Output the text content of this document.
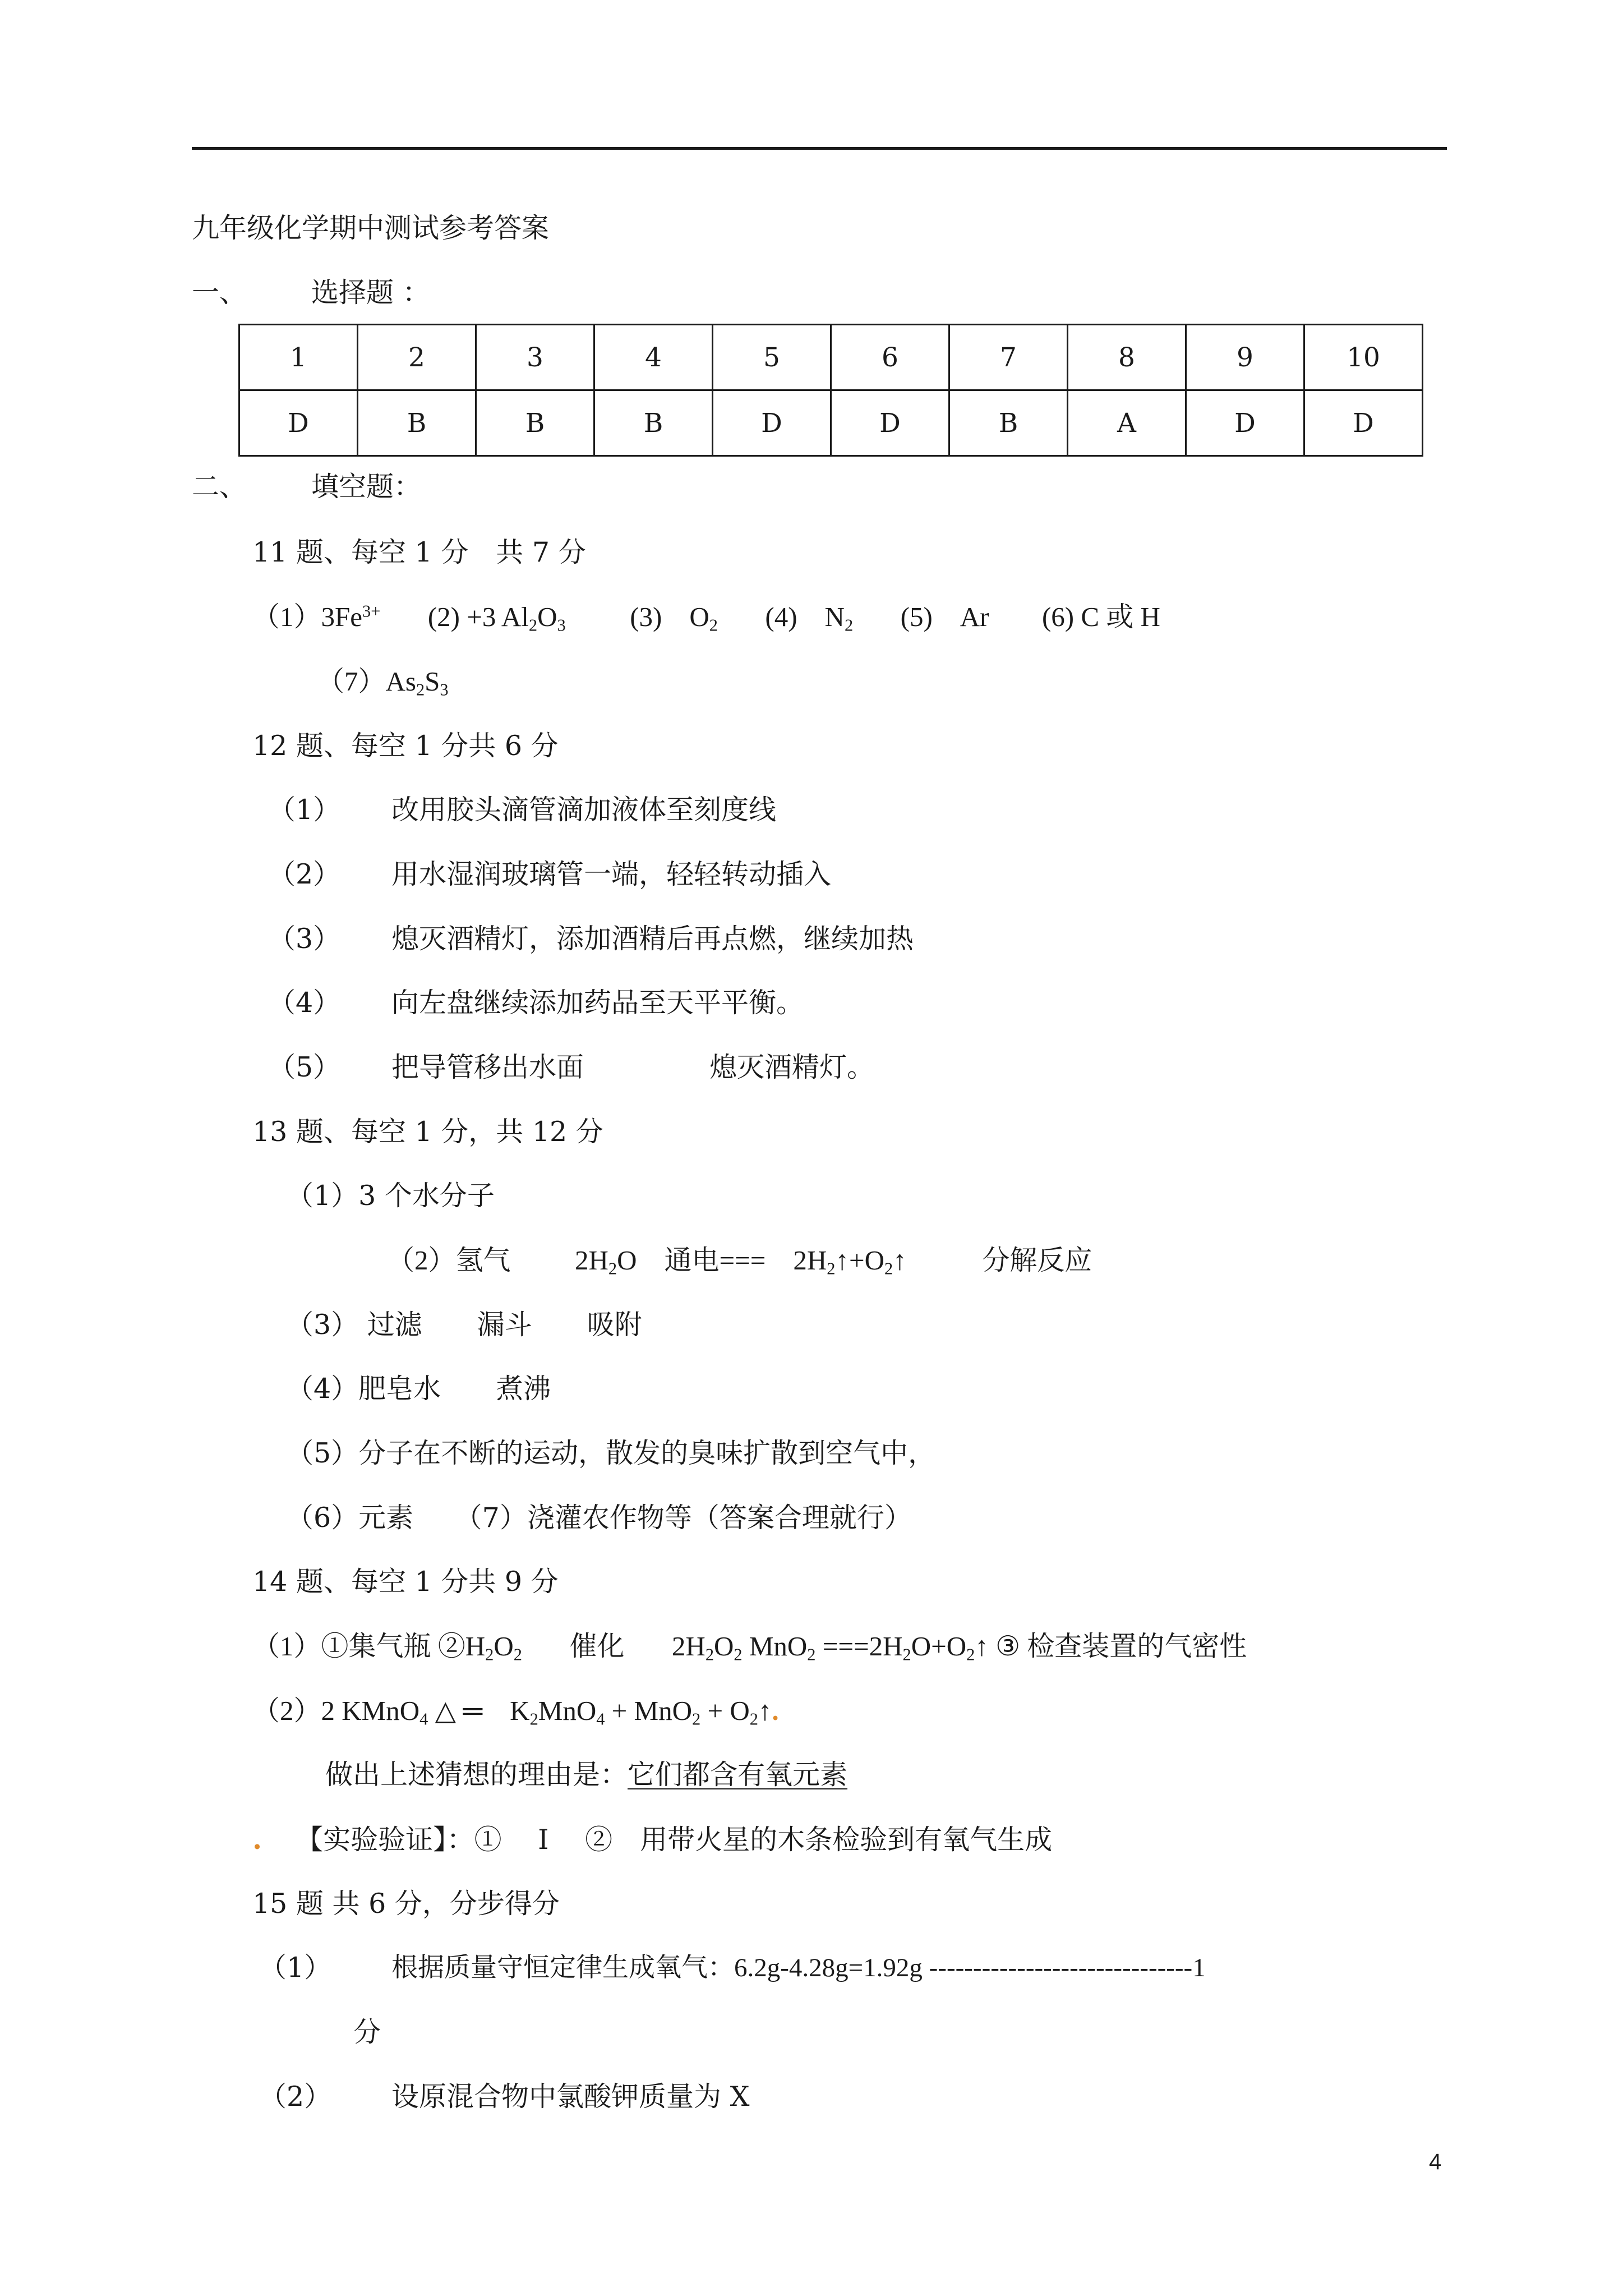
九年级化学期中测试参考答案
一、 选择题 ：
1	2	3	4	5	6	7	8	9	10
D	B	B	B	D	D	B	A	D	D
二、 填空题：
11 题、每空 1 分　共 7 分
$(1)3Fe^{3+}$ (2) +3 $Al_2O_3$ (3)　$O_2$ (4)　$N_2$ (5)　Ar (6) C 或 H
$(7)As_2S_3$
12 题、每空 1 分共 6 分
（1） 改用胶头滴管滴加液体至刻度线
（2） 用水湿润玻璃管一端，轻轻转动插入
（3） 熄灭酒精灯，添加酒精后再点燃，继续加热
（4） 向左盘继续添加药品至天平平衡。
（5） 把导管移出水面	熄灭酒精灯。
13 题、每空 1 分，共 12 分
（1）3 个水分子
（2）氢气 $2H_2O$　通电===　$2H_2↑+O_2↑$	分解反应
（3） 过滤　　漏斗　　吸附
（4）肥皂水　　煮沸
（5）分子在不断的运动，散发的臭味扩散到空气中，
（6）元素　　（7）浇灌农作物等（答案合理就行）
14 题、每空 1 分共 9 分
（1）①集气瓶 $②H_2O_2$ 催化 $2H_2O_2$ $MnO_2 ===2H_2O+O_2↑$ ③ 检查装置的气密性
（2）2 KMnO$_4$ △ ═　$K_2MnO_4 + MnO_2$ + $O_2↑$.
做出上述猜想的理由是：它们都含有氧元素
. 【实验验证】：①　 I　 ②　用带火星的木条检验到有氧气生成
15 题 共 6 分，分步得分
（1） 根据质量守恒定律生成氧气：6.2g-4.28g=1.92g ------------------------------1
分
（2） 设原混合物中氯酸钾质量为 X
4
